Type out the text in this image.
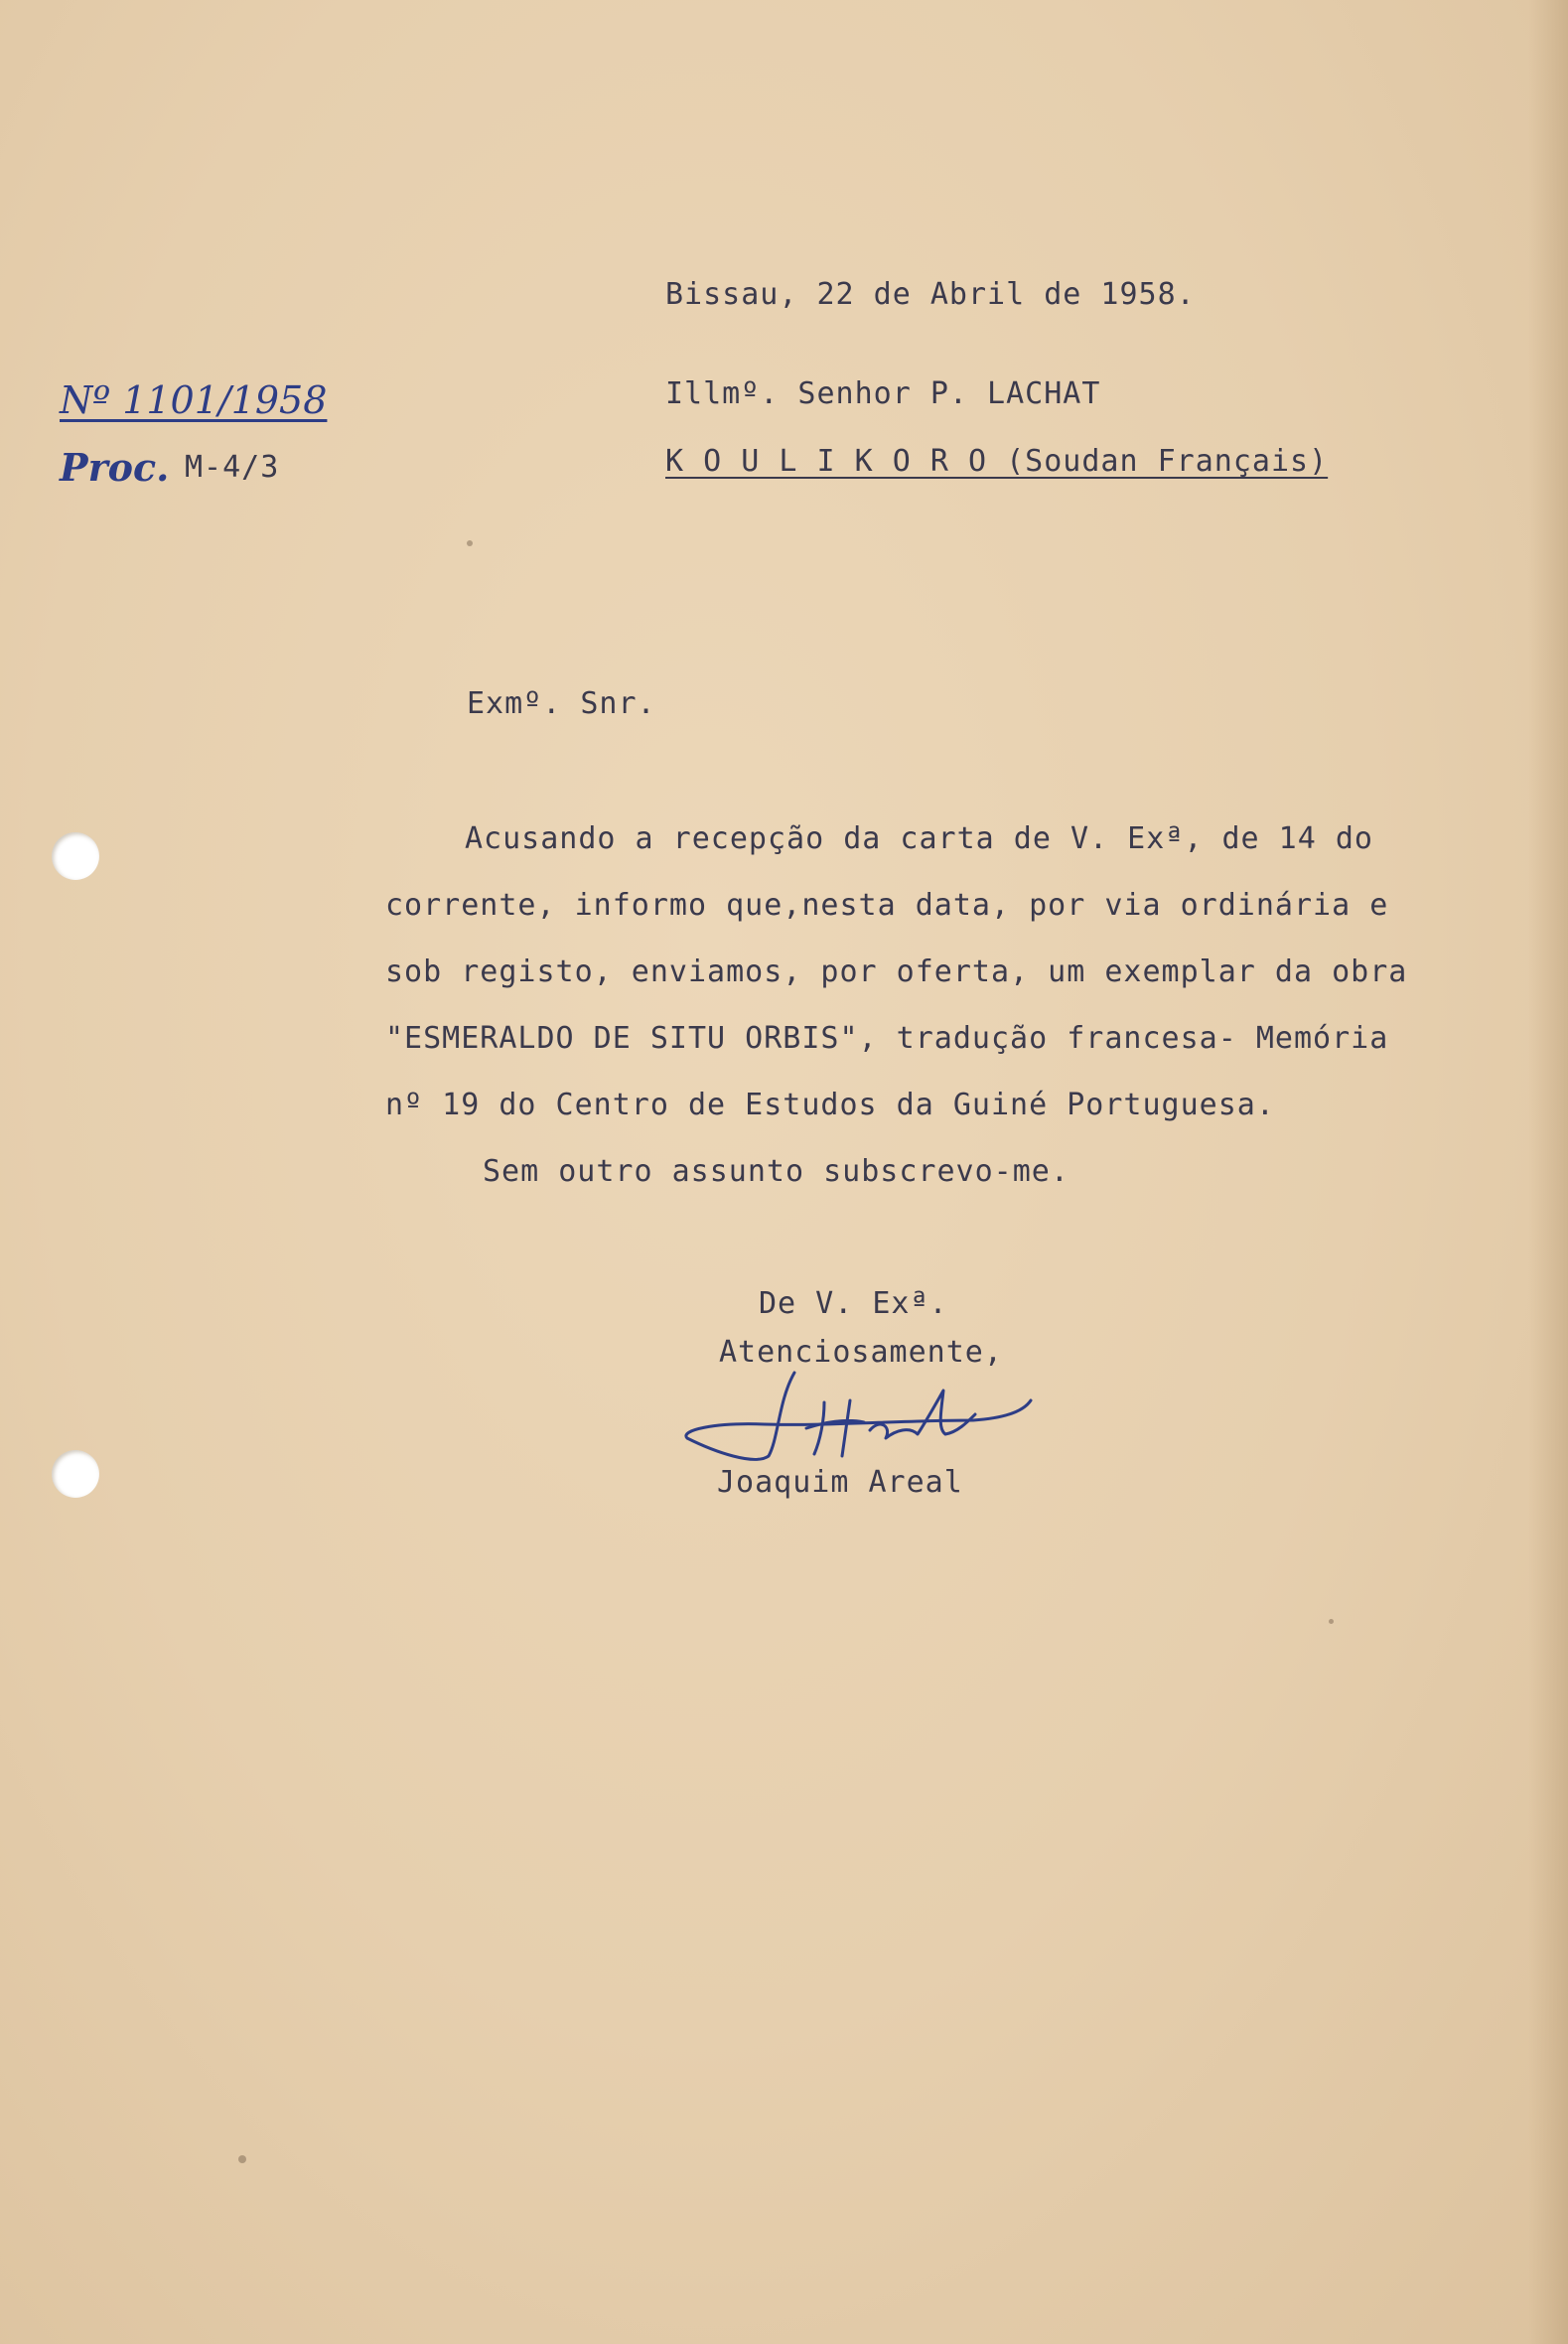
Nº 1101/1958
Proc. M-4/3
Bissau, 22 de Abril de 1958.
Illmº. Senhor P. LACHAT
K O U L I K O R O (Soudan Français)
Exmº. Snr.
Acusando a recepção da carta de V. Exª, de 14 do
corrente, informo que,nesta data, por via ordinária e
sob registo, enviamos, por oferta, um exemplar da obra
"ESMERALDO DE SITU ORBIS", tradução francesa- Memória
nº 19 do Centro de Estudos da Guiné Portuguesa.
Sem outro assunto subscrevo-me.
De V. Exª.
Atenciosamente,
Joaquim Areal
